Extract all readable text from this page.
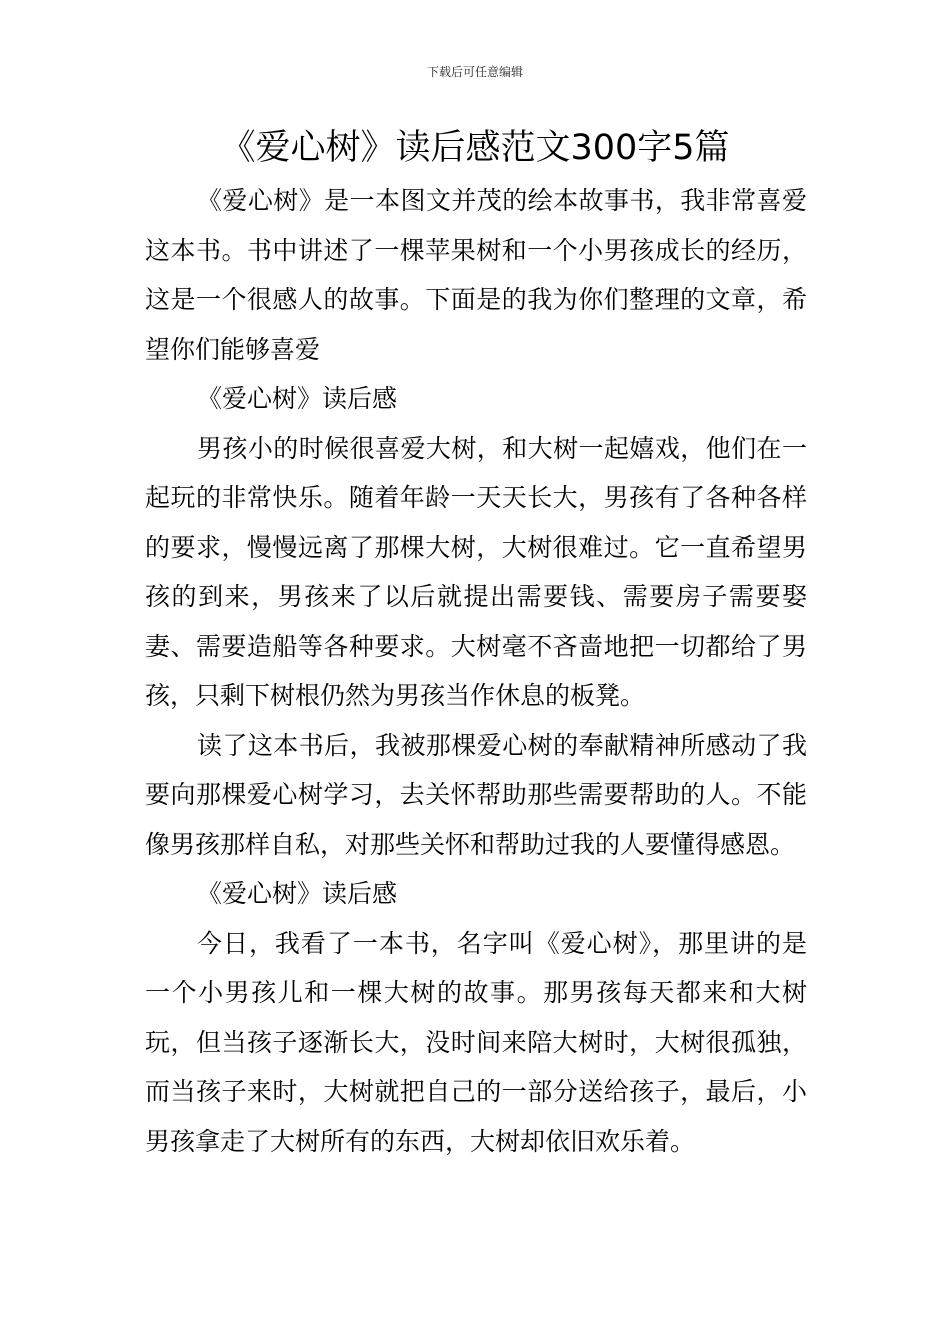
下载后可任意编辑
《爱心树》读后感范文300字5篇

《爱心树》是一本图文并茂的绘本故事书，我非常喜爱这本书。书中讲述了一棵苹果树和一个小男孩成长的经历，这是一个很感人的故事。下面是的我为你们整理的文章，希望你们能够喜爱

《爱心树》读后感

男孩小的时候很喜爱大树，和大树一起嬉戏，他们在一起玩的非常快乐。随着年龄一天天长大，男孩有了各种各样的要求，慢慢远离了那棵大树，大树很难过。它一直希望男孩的到来，男孩来了以后就提出需要钱、需要房子需要娶妻、需要造船等各种要求。大树毫不吝啬地把一切都给了男孩，只剩下树根仍然为男孩当作休息的板凳。

读了这本书后，我被那棵爱心树的奉献精神所感动了我要向那棵爱心树学习，去关怀帮助那些需要帮助的人。不能像男孩那样自私，对那些关怀和帮助过我的人要懂得感恩。

《爱心树》读后感

今日，我看了一本书，名字叫《爱心树》，那里讲的是一个小男孩儿和一棵大树的故事。那男孩每天都来和大树玩，但当孩子逐渐长大，没时间来陪大树时，大树很孤独，而当孩子来时，大树就把自己的一部分送给孩子，最后，小男孩拿走了大树所有的东西，大树却依旧欢乐着。
